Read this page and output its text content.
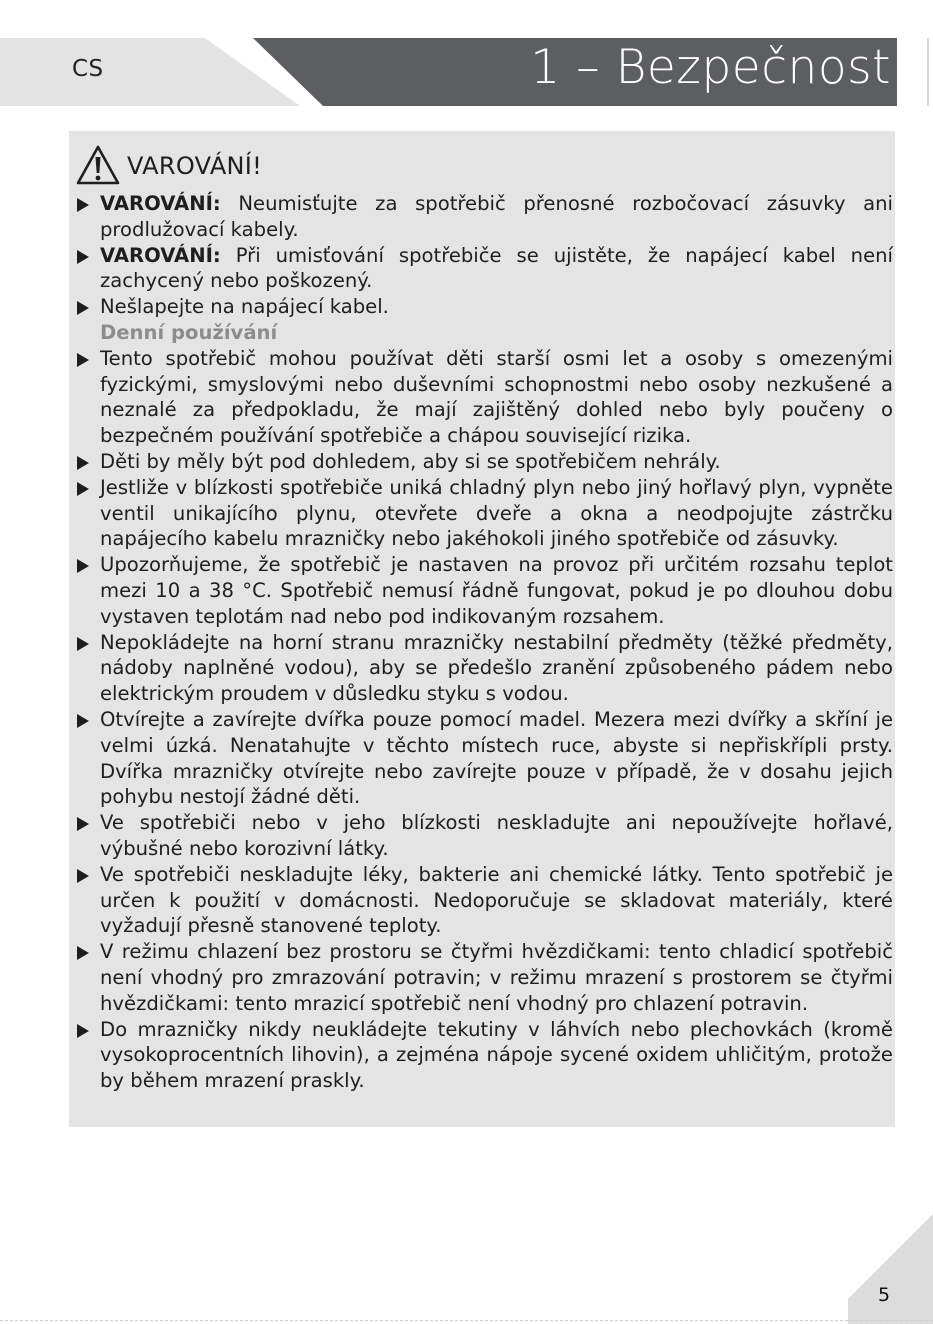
CS	1 – Bezpečnost
VAROVÁNÍ!
VAROVÁNÍ: Neumisťujte za spotřebič přenosné rozbočovací zásuvky ani prodlužovací kabely.
VAROVÁNÍ: Při umisťování spotřebiče se ujistěte, že napájecí kabel není zachycený nebo poškozený.
Nešlapejte na napájecí kabel.
Denní používání
Tento spotřebič mohou používat děti starší osmi let a osoby s omezenými fyzickými, smyslovými nebo duševními schopnostmi nebo osoby nezkušené a neznalé za předpokladu, že mají zajištěný dohled nebo byly poučeny o bezpečném používání spotřebiče a chápou související rizika.
Děti by měly být pod dohledem, aby si se spotřebičem nehrály.
Jestliže v blízkosti spotřebiče uniká chladný plyn nebo jiný hořlavý plyn, vypněte ventil unikajícího plynu, otevřete dveře a okna a neodpojujte zástrčku napájecího kabelu mrazničky nebo jakéhokoli jiného spotřebiče od zásuvky.
Upozorňujeme, že spotřebič je nastaven na provoz při určitém rozsahu teplot mezi 10 a 38 °C. Spotřebič nemusí řádně fungovat, pokud je po dlouhou dobu vystaven teplotám nad nebo pod indikovaným rozsahem.
Nepokládejte na horní stranu mrazničky nestabilní předměty (těžké předměty, nádoby naplněné vodou), aby se předešlo zranění způsobeného pádem nebo elektrickým proudem v důsledku styku s vodou.
Otvírejte a zavírejte dvířka pouze pomocí madel. Mezera mezi dvířky a skříní je velmi úzká. Nenatahujte v těchto místech ruce, abyste si nepřiskřípli prsty. Dvířka mrazničky otvírejte nebo zavírejte pouze v případě, že v dosahu jejich pohybu nestojí žádné děti.
Ve spotřebiči nebo v jeho blízkosti neskladujte ani nepoužívejte hořlavé, výbušné nebo korozivní látky.
Ve spotřebiči neskladujte léky, bakterie ani chemické látky. Tento spotřebič je určen k použití v domácnosti. Nedoporučuje se skladovat materiály, které vyžadují přesně stanovené teploty.
V režimu chlazení bez prostoru se čtyřmi hvězdičkami: tento chladicí spotřebič není vhodný pro zmrazování potravin; v režimu mrazení s prostorem se čtyřmi hvězdičkami: tento mrazicí spotřebič není vhodný pro chlazení potravin.
Do mrazničky nikdy neukládejte tekutiny v láhvích nebo plechovkách (kromě vysokoprocentních lihovin), a zejména nápoje sycené oxidem uhličitým, protože by během mrazení praskly.
5
